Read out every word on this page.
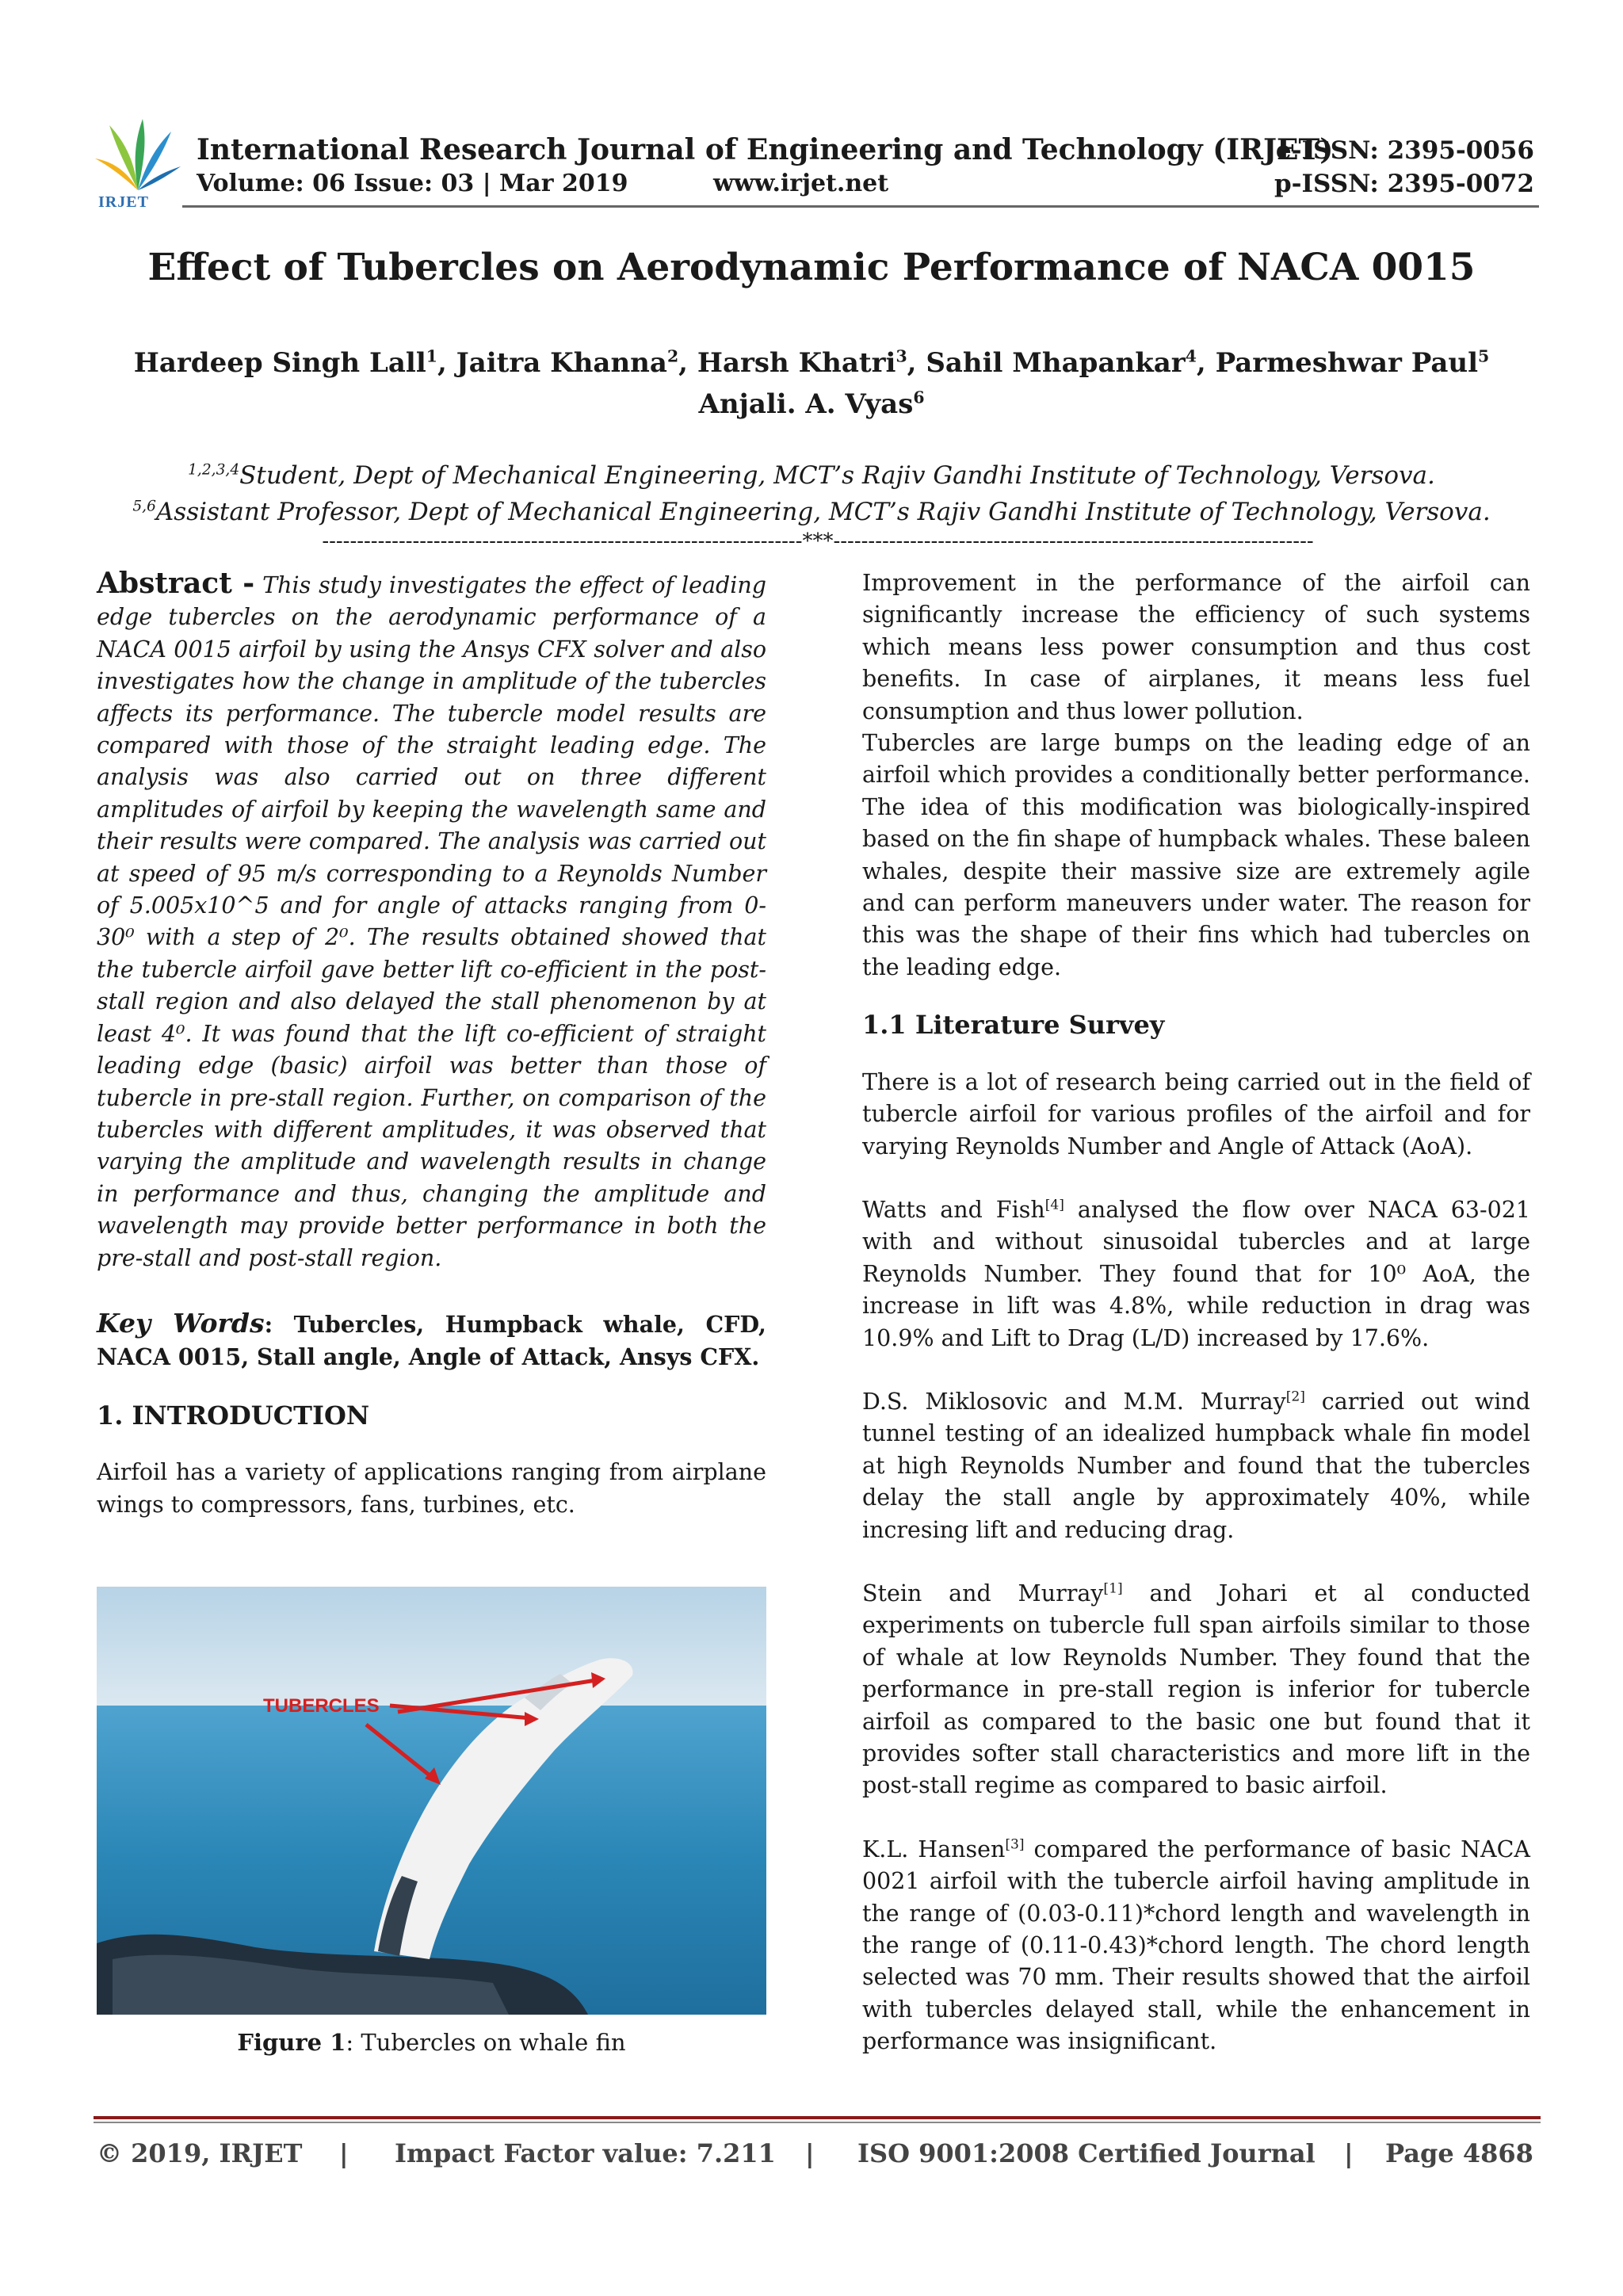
IRJET
International Research Journal of Engineering and Technology (IRJET)
e-ISSN: 2395-0056
Volume: 06 Issue: 03 | Mar 2019	www.irjet.net	p-ISSN: 2395-0072
Effect of Tubercles on Aerodynamic Performance of NACA 0015
Hardeep Singh Lall$^1$, Jaitra Khanna$^2$, Harsh Khatri$^3$, Sahil Mhapankar$^4$, Parmeshwar Paul$^5$
Anjali. A. Vyas$^6$
$^{1,2,3,4}$Student, Dept of Mechanical Engineering, MCT’s Rajiv Gandhi Institute of Technology, Versova.
$^{5,6}$Assistant Professor, Dept of Mechanical Engineering, MCT’s Rajiv Gandhi Institute of Technology, Versova.
---------------------------------------------------------------------***---------------------------------------------------------------------

Abstract - This study investigates the effect of leading edge tubercles on the aerodynamic performance of a NACA 0015 airfoil by using the Ansys CFX solver and also investigates how the change in amplitude of the tubercles affects its performance. The tubercle model results are compared with those of the straight leading edge. The analysis was also carried out on three different amplitudes of airfoil by keeping the wavelength same and their results were compared. The analysis was carried out at speed of 95 m/s corresponding to a Reynolds Number of 5.005x10^5 and for angle of attacks ranging from 0-30⁰ with a step of 2⁰. The results obtained showed that the tubercle airfoil gave better lift co-efficient in the post-stall region and also delayed the stall phenomenon by at least 4⁰. It was found that the lift co-efficient of straight leading edge (basic) airfoil was better than those of tubercle in pre-stall region. Further, on comparison of the tubercles with different amplitudes, it was observed that varying the amplitude and wavelength results in change in performance and thus, changing the amplitude and wavelength may provide better performance in both the pre-stall and post-stall region.

Key Words: Tubercles, Humpback whale, CFD, NACA 0015, Stall angle, Angle of Attack, Ansys CFX.

1. INTRODUCTION

Airfoil has a variety of applications ranging from airplane wings to compressors, fans, turbines, etc.

TUBERCLES
Figure 1: Tubercles on whale fin

Improvement in the performance of the airfoil can significantly increase the efficiency of such systems which means less power consumption and thus cost benefits. In case of airplanes, it means less fuel consumption and thus lower pollution.

Tubercles are large bumps on the leading edge of an airfoil which provides a conditionally better performance. The idea of this modification was biologically-inspired based on the fin shape of humpback whales. These baleen whales, despite their massive size are extremely agile and can perform maneuvers under water. The reason for this was the shape of their fins which had tubercles on the leading edge.

1.1 Literature Survey

There is a lot of research being carried out in the field of tubercle airfoil for various profiles of the airfoil and for varying Reynolds Number and Angle of Attack (AoA).

Watts and Fish[4] analysed the flow over NACA 63-021 with and without sinusoidal tubercles and at large Reynolds Number. They found that for 10⁰ AoA, the increase in lift was 4.8%, while reduction in drag was 10.9% and Lift to Drag (L/D) increased by 17.6%.

D.S. Miklosovic and M.M. Murray[2] carried out wind tunnel testing of an idealized humpback whale fin model at high Reynolds Number and found that the tubercles delay the stall angle by approximately 40%, while incresing lift and reducing drag.

Stein and Murray[1] and Johari et al conducted experiments on tubercle full span airfoils similar to those of whale at low Reynolds Number. They found that the performance in pre-stall region is inferior for tubercle airfoil as compared to the basic one but found that it provides softer stall characteristics and more lift in the post-stall regime as compared to basic airfoil.

K.L. Hansen[3] compared the performance of basic NACA 0021 airfoil with the tubercle airfoil having amplitude in the range of (0.03-0.11)*chord length and wavelength in the range of (0.11-0.43)*chord length. The chord length selected was 70 mm. Their results showed that the airfoil with tubercles delayed stall, while the enhancement in performance was insignificant.

© 2019, IRJET | Impact Factor value: 7.211 | ISO 9001:2008 Certified Journal | Page 4868
